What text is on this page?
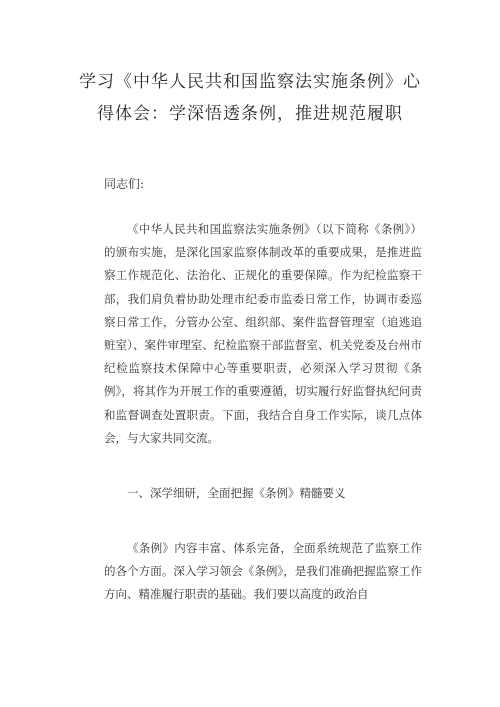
学习《中华人民共和国监察法实施条例》心
得体会：学深悟透条例，推进规范履职
同志们:

《中华人民共和国监察法实施条例》（以下简称《条例》）的颁布实施，是深化国家监察体制改革的重要成果，是推进监察工作规范化、法治化、正规化的重要保障。作为纪检监察干部，我们肩负着协助处理市纪委市监委日常工作，协调市委巡察日常工作，分管办公室、组织部、案件监督管理室（追逃追赃室）、案件审理室、纪检监察干部监督室、机关党委及台州市纪检监察技术保障中心等重要职责，必须深入学习贯彻《条例》，将其作为开展工作的重要遵循，切实履行好监督执纪问责和监督调查处置职责。下面，我结合自身工作实际，谈几点体会，与大家共同交流。

一、深学细研，全面把握《条例》精髓要义

《条例》内容丰富、体系完备，全面系统规范了监察工作的各个方面。深入学习领会《条例》，是我们准确把握监察工作方向、精准履行职责的基础。我们要以高度的政治自
